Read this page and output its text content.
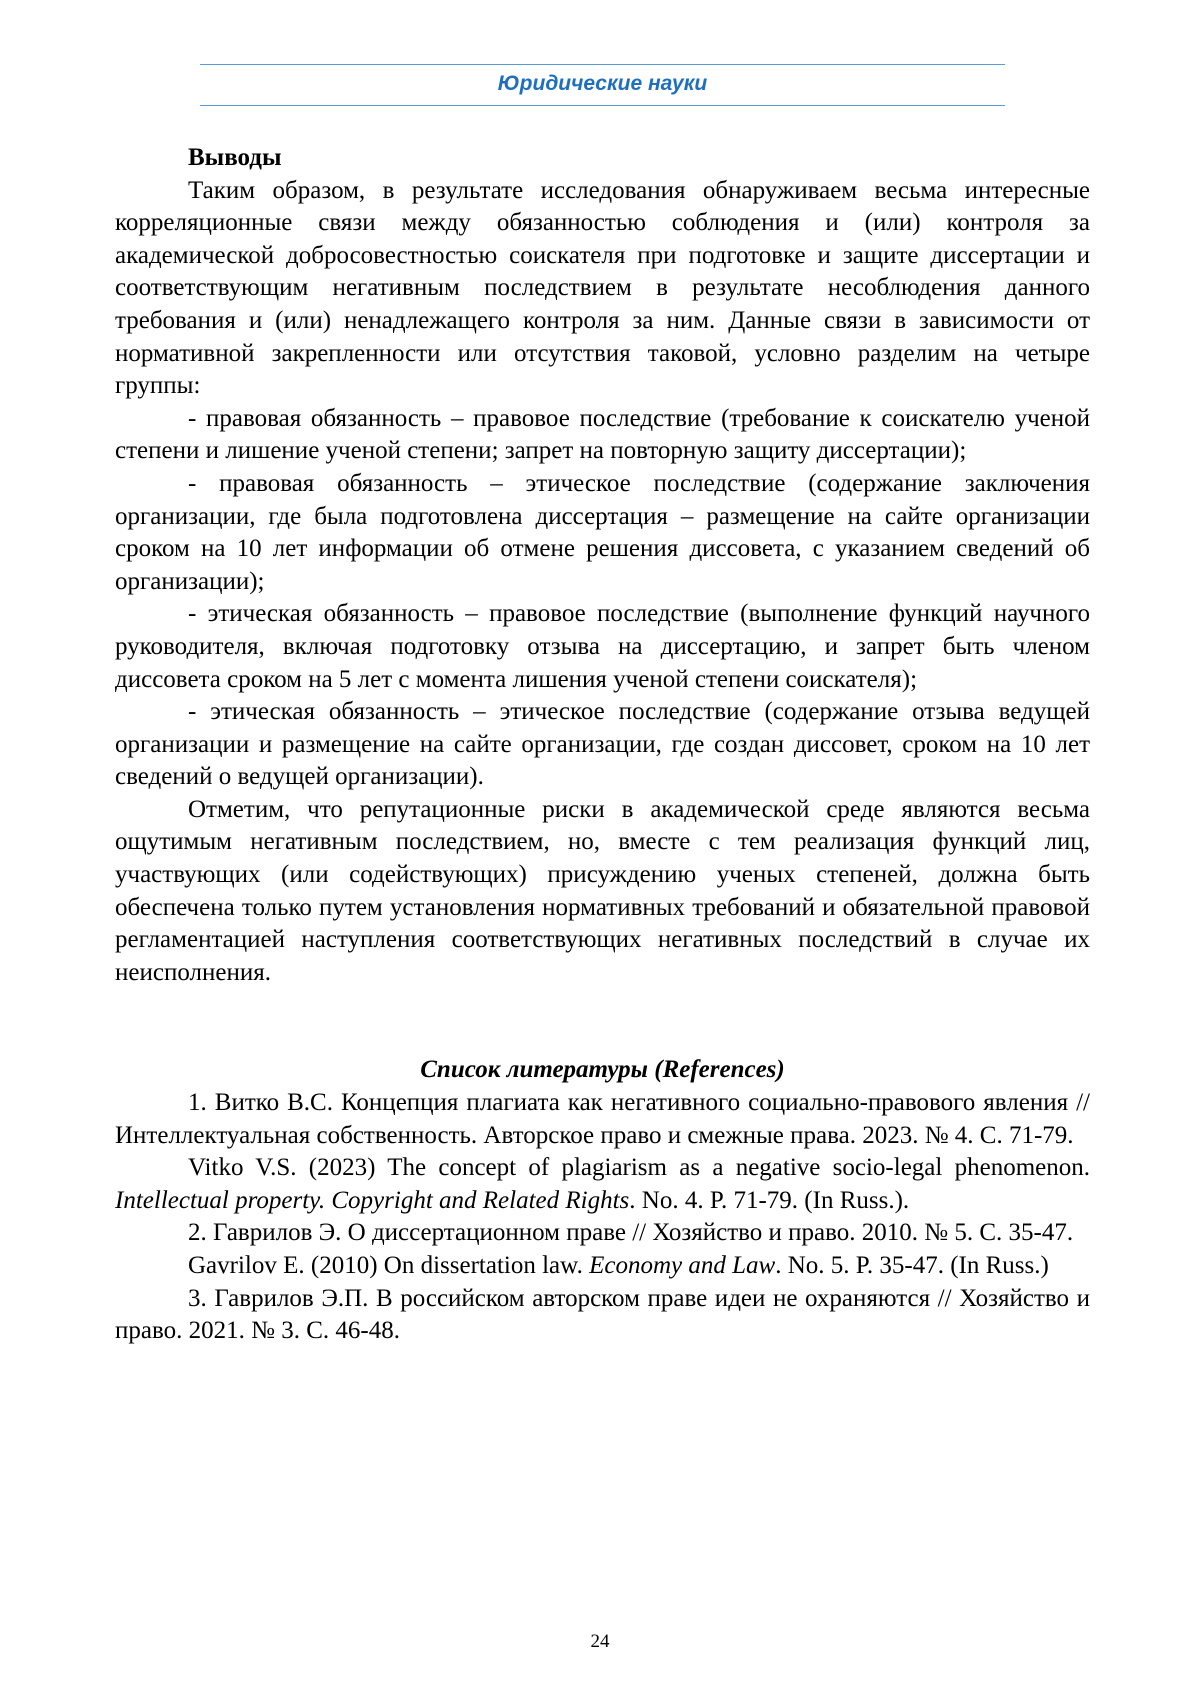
Юридические науки

Выводы

Таким образом, в результате исследования обнаруживаем весьма интересные корреляционные связи между обязанностью соблюдения и (или) контроля за академической добросовестностью соискателя при подготовке и защите диссертации и соответствующим негативным последствием в результате несоблюдения данного требования и (или) ненадлежащего контроля за ним. Данные связи в зависимости от нормативной закрепленности или отсутствия таковой, условно разделим на четыре группы:

- правовая обязанность – правовое последствие (требование к соискателю ученой степени и лишение ученой степени; запрет на повторную защиту диссертации);

- правовая обязанность – этическое последствие (содержание заключения организации, где была подготовлена диссертация – размещение на сайте организации сроком на 10 лет информации об отмене решения диссовета, с указанием сведений об организации);

- этическая обязанность – правовое последствие (выполнение функций научного руководителя, включая подготовку отзыва на диссертацию, и запрет быть членом диссовета сроком на 5 лет с момента лишения ученой степени соискателя);

- этическая обязанность – этическое последствие (содержание отзыва ведущей организации и размещение на сайте организации, где создан диссовет, сроком на 10 лет сведений о ведущей организации).

Отметим, что репутационные риски в академической среде являются весьма ощутимым негативным последствием, но, вместе с тем реализация функций лиц, участвующих (или содействующих) присуждению ученых степеней, должна быть обеспечена только путем установления нормативных требований и обязательной правовой регламентацией наступления соответствующих негативных последствий в случае их неисполнения.

Список литературы (References)

1. Витко В.С. Концепция плагиата как негативного социально-правового явления // Интеллектуальная собственность. Авторское право и смежные права. 2023. № 4. С. 71-79.

Vitko V.S. (2023) The concept of plagiarism as a negative socio-legal phenomenon. Intellectual property. Copyright and Related Rights. No. 4. P. 71-79. (In Russ.).

2. Гаврилов Э. О диссертационном праве // Хозяйство и право. 2010. № 5. С. 35-47.

Gavrilov E. (2010) On dissertation law. Economy and Law. No. 5. P. 35-47. (In Russ.)

3. Гаврилов Э.П. В российском авторском праве идеи не охраняются // Хозяйство и право. 2021. № 3. С. 46-48.

24
